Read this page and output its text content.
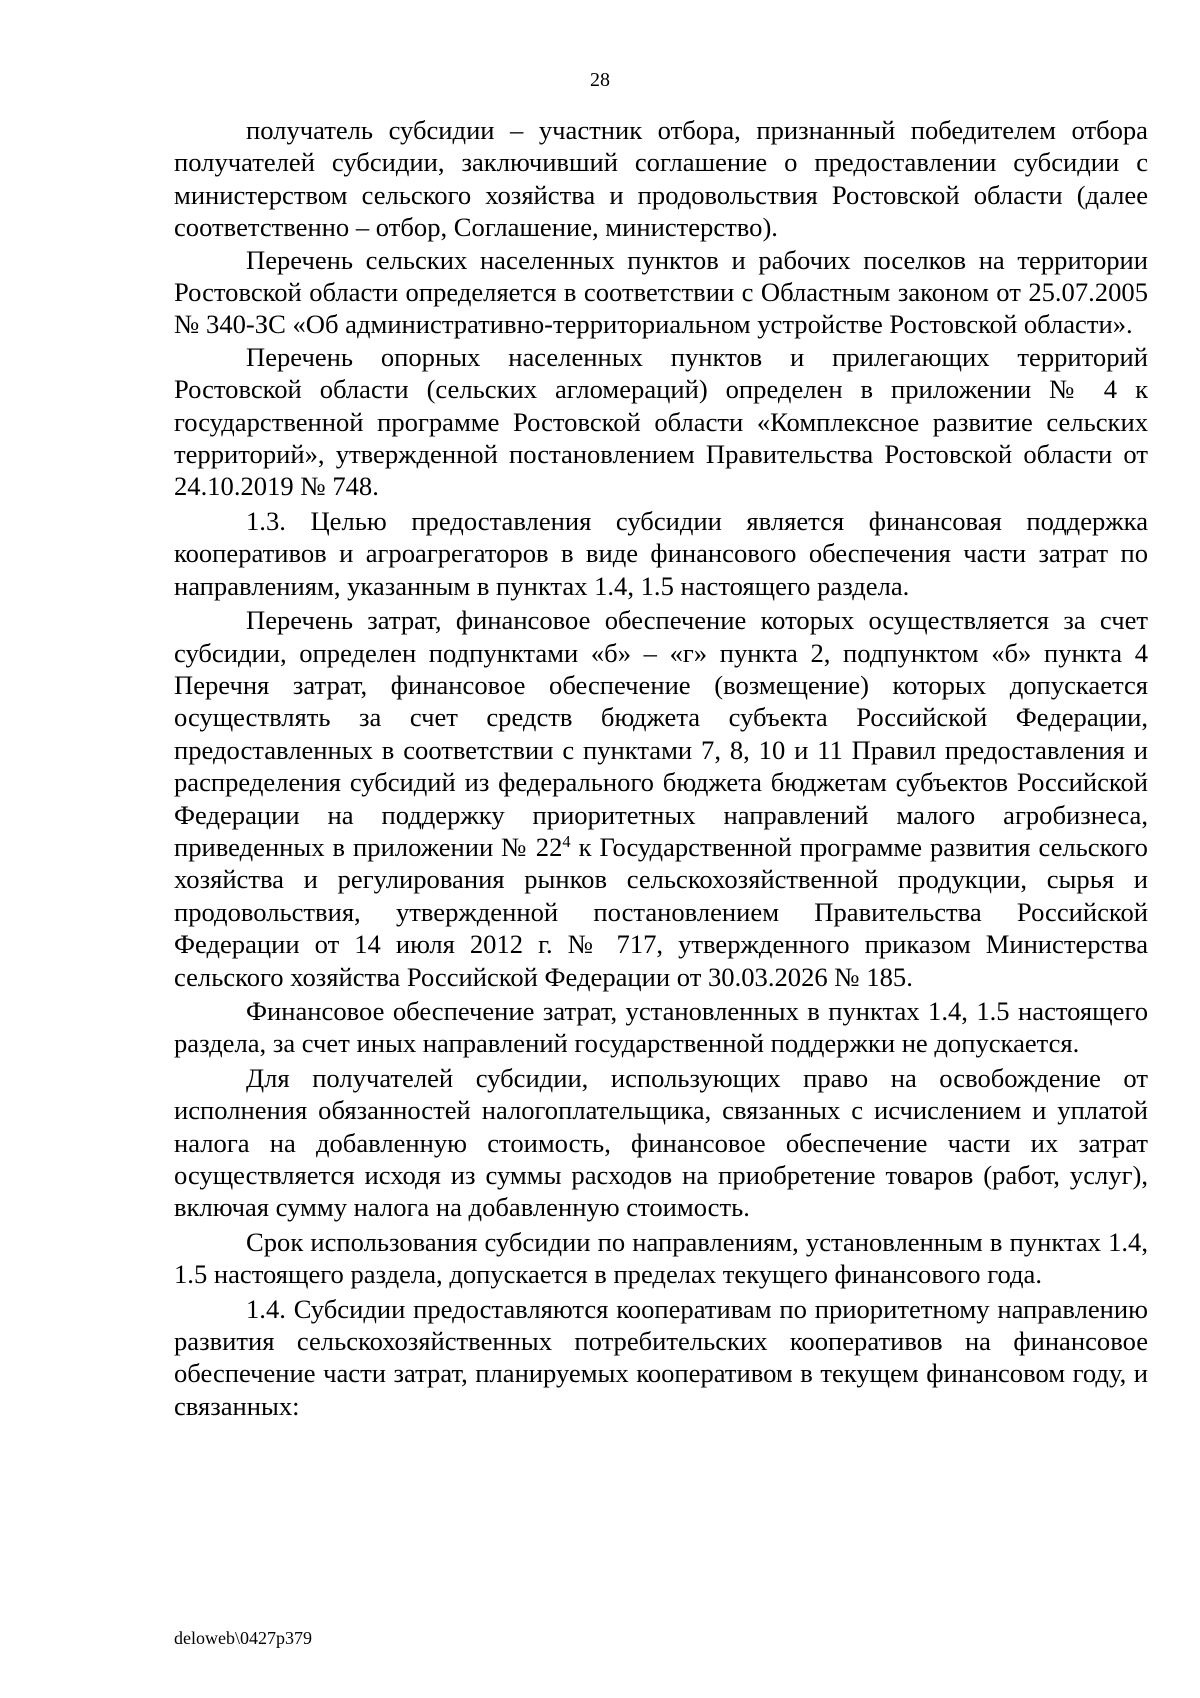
28

получатель субсидии – участник отбора, признанный победителем отбора получателей субсидии, заключивший соглашение о предоставлении субсидии с министерством сельского хозяйства и продовольствия Ростовской области (далее соответственно – отбор, Соглашение, министерство).

Перечень сельских населенных пунктов и рабочих поселков на территории Ростовской области определяется в соответствии с Областным законом от 25.07.2005 № 340-ЗС «Об административно-территориальном устройстве Ростовской области».

Перечень опорных населенных пунктов и прилегающих территорий Ростовской области (сельских агломераций) определен в приложении № 4 к государственной программе Ростовской области «Комплексное развитие сельских территорий», утвержденной постановлением Правительства Ростовской области от 24.10.2019 № 748.

1.3. Целью предоставления субсидии является финансовая поддержка кооперативов и агроагрегаторов в виде финансового обеспечения части затрат по направлениям, указанным в пунктах 1.4, 1.5 настоящего раздела.

Перечень затрат, финансовое обеспечение которых осуществляется за счет субсидии, определен подпунктами «б» – «г» пункта 2, подпунктом «б» пункта 4 Перечня затрат, финансовое обеспечение (возмещение) которых допускается осуществлять за счет средств бюджета субъекта Российской Федерации, предоставленных в соответствии с пунктами 7, 8, 10 и 11 Правил предоставления и распределения субсидий из федерального бюджета бюджетам субъектов Российской Федерации на поддержку приоритетных направлений малого агробизнеса, приведенных в приложении № $22^4$ к Государственной программе развития сельского хозяйства и регулирования рынков сельскохозяйственной продукции, сырья и продовольствия, утвержденной постановлением Правительства Российской Федерации от 14 июля 2012 г. № 717, утвержденного приказом Министерства сельского хозяйства Российской Федерации от 30.03.2026 № 185.

Финансовое обеспечение затрат, установленных в пунктах 1.4, 1.5 настоящего раздела, за счет иных направлений государственной поддержки не допускается.

Для получателей субсидии, использующих право на освобождение от исполнения обязанностей налогоплательщика, связанных с исчислением и уплатой налога на добавленную стоимость, финансовое обеспечение части их затрат осуществляется исходя из суммы расходов на приобретение товаров (работ, услуг), включая сумму налога на добавленную стоимость.

Срок использования субсидии по направлениям, установленным в пунктах 1.4, 1.5 настоящего раздела, допускается в пределах текущего финансового года.

1.4. Субсидии предоставляются кооперативам по приоритетному направлению развития сельскохозяйственных потребительских кооперативов на финансовое обеспечение части затрат, планируемых кооперативом в текущем финансовом году, и связанных:

deloweb\0427p379
